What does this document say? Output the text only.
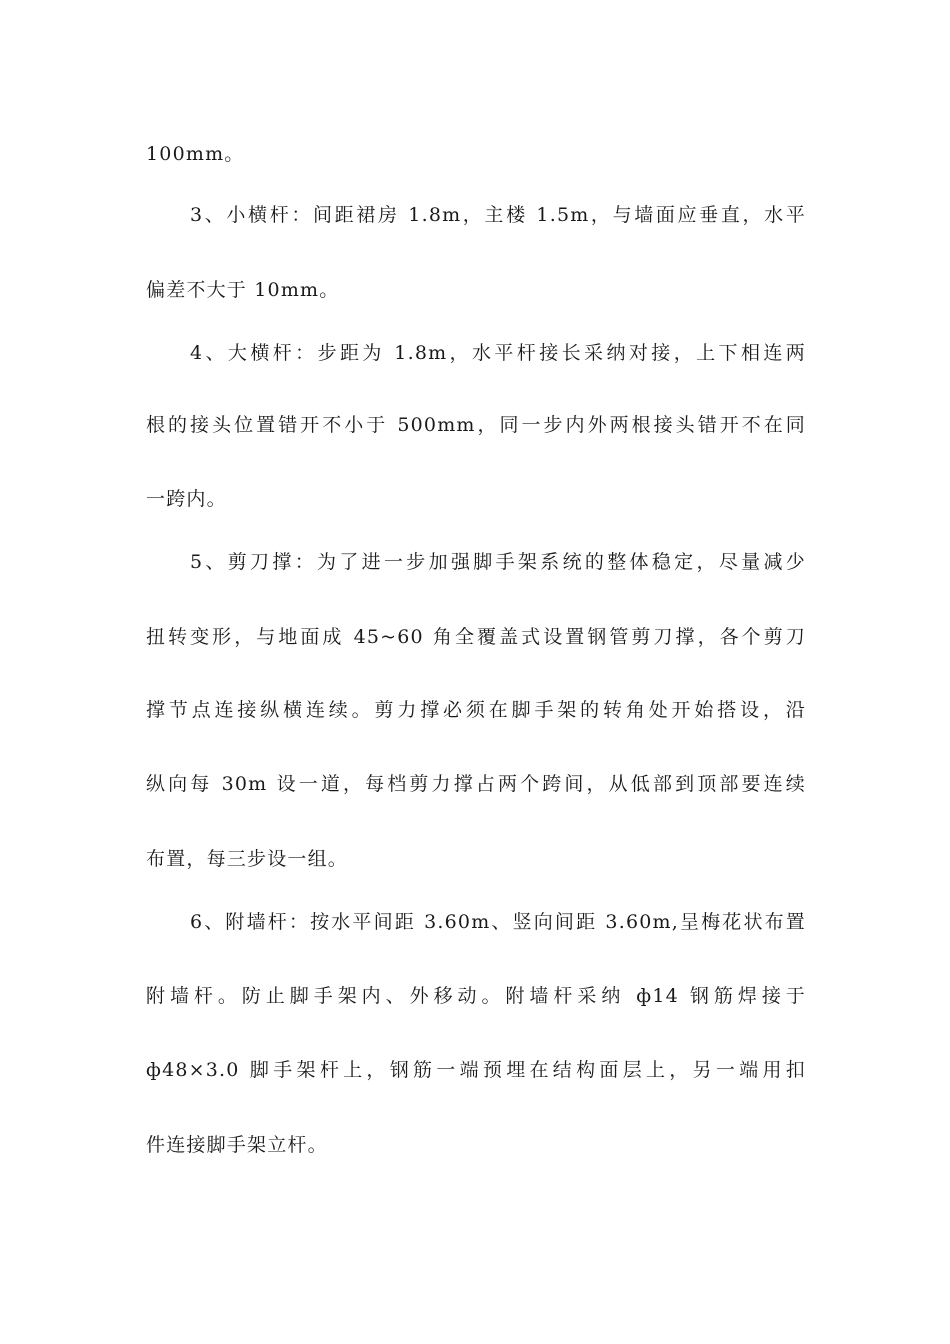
100mm。
3、小横杆：间距裙房 1.8m，主楼 1.5m，与墙面应垂直，水平
偏差不大于 10mm。
4、大横杆：步距为 1.8m，水平杆接长采纳对接，上下相连两
根的接头位置错开不小于 500mm，同一步内外两根接头错开不在同
一跨内。
5、剪刀撑：为了进一步加强脚手架系统的整体稳定，尽量减少
扭转变形，与地面成 45~60 角全覆盖式设置钢管剪刀撑，各个剪刀
撑节点连接纵横连续。剪力撑必须在脚手架的转角处开始搭设，沿
纵向每 30m 设一道，每档剪力撑占两个跨间，从低部到顶部要连续
布置，每三步设一组。
6、附墙杆：按水平间距 3.60m、竖向间距 3.60m,呈梅花状布置
附墙杆。防止脚手架内、外移动。附墙杆采纳 ф14 钢筋焊接于
ф48×3.0 脚手架杆上，钢筋一端预埋在结构面层上，另一端用扣
件连接脚手架立杆。
